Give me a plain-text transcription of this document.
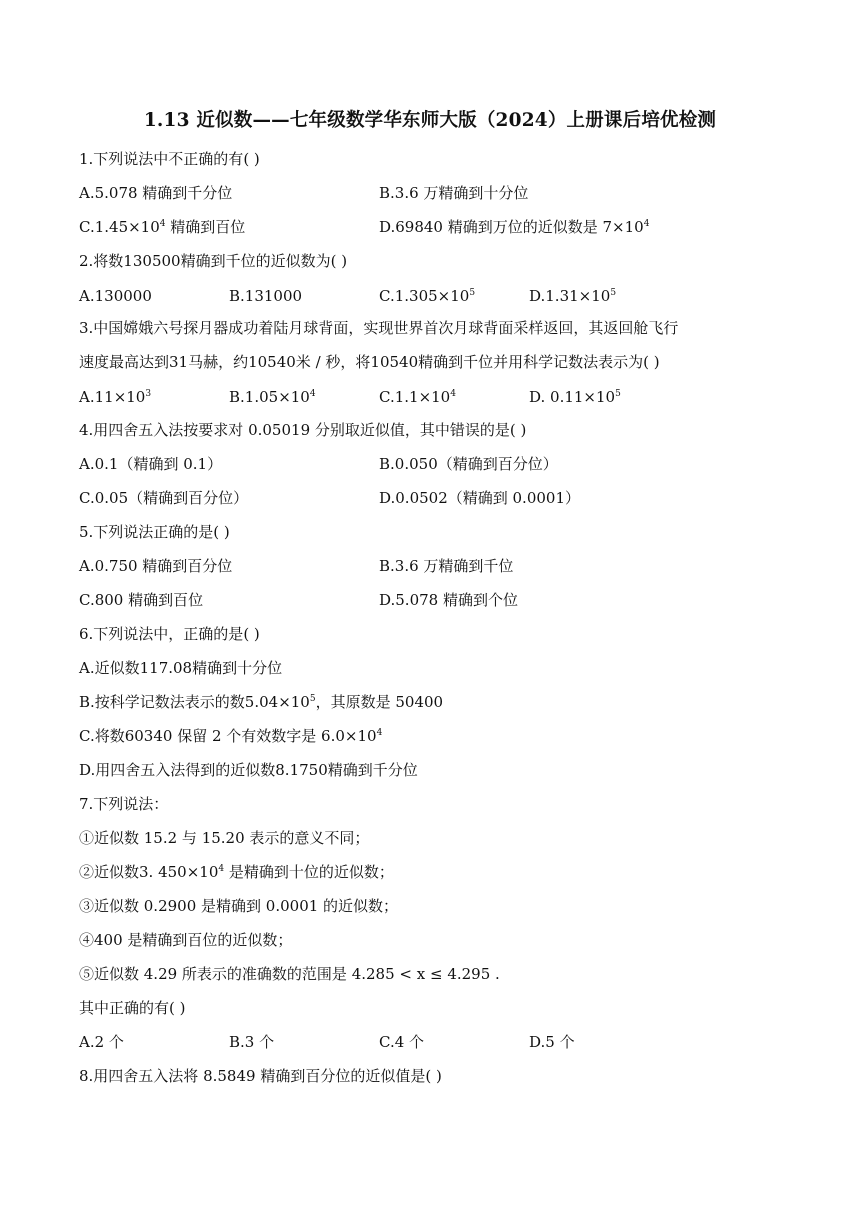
1.13 近似数——七年级数学华东师大版（2024）上册课后培优检测
1.下列说法中不正确的有( )
A.5.078 精确到千分位	B.3.6 万精确到十分位
$C.1.45\times 10^4$ 精确到百位	D.69840 精确到万位的近似数是 $7\times 10^4$
2.将数130500精确到千位的近似数为( )
A.130000	B.131000	$C.1.305\times 10^5$	$D.1.31\times 10^5$
3.中国嫦娥六号探月器成功着陆月球背面，实现世界首次月球背面采样返回，其返回舱飞行
速度最高达到31马赫，约10540米 / 秒，将10540精确到千位并用科学记数法表示为( )
$A.11\times 10^3$	$B.1.05\times 10^4$	$C.1.1\times 10^4$	D. $0.11\times 10^5$
4.用四舍五入法按要求对 0.05019 分别取近似值，其中错误的是( )
A.0.1（精确到 0.1）	B.0.050（精确到百分位）
C.0.05（精确到百分位）	D.0.0502（精确到 0.0001）
5.下列说法正确的是( )
A.0.750 精确到百分位	B.3.6 万精确到千位
C.800 精确到百位	D.5.078 精确到个位
6.下列说法中，正确的是( )
A.近似数117.08精确到十分位
B.按科学记数法表示的数$5.04\times 10^5$，其原数是 50400
C.将数60340 保留 2 个有效数字是 $6.0\times 10^4$
D.用四舍五入法得到的近似数8.1750精确到千分位
7.下列说法：
①近似数 15.2 与 15.20 表示的意义不同；
②近似数3. $450\times 10^4$ 是精确到十位的近似数；
③近似数 0.2900 是精确到 0.0001 的近似数；
④400 是精确到百位的近似数；
⑤近似数 4.29 所表示的准确数的范围是 4.285 < x ≤ 4.295 .
其中正确的有( )
A.2 个	B.3 个	C.4 个	D.5 个
8.用四舍五入法将 8.5849 精确到百分位的近似值是( )
